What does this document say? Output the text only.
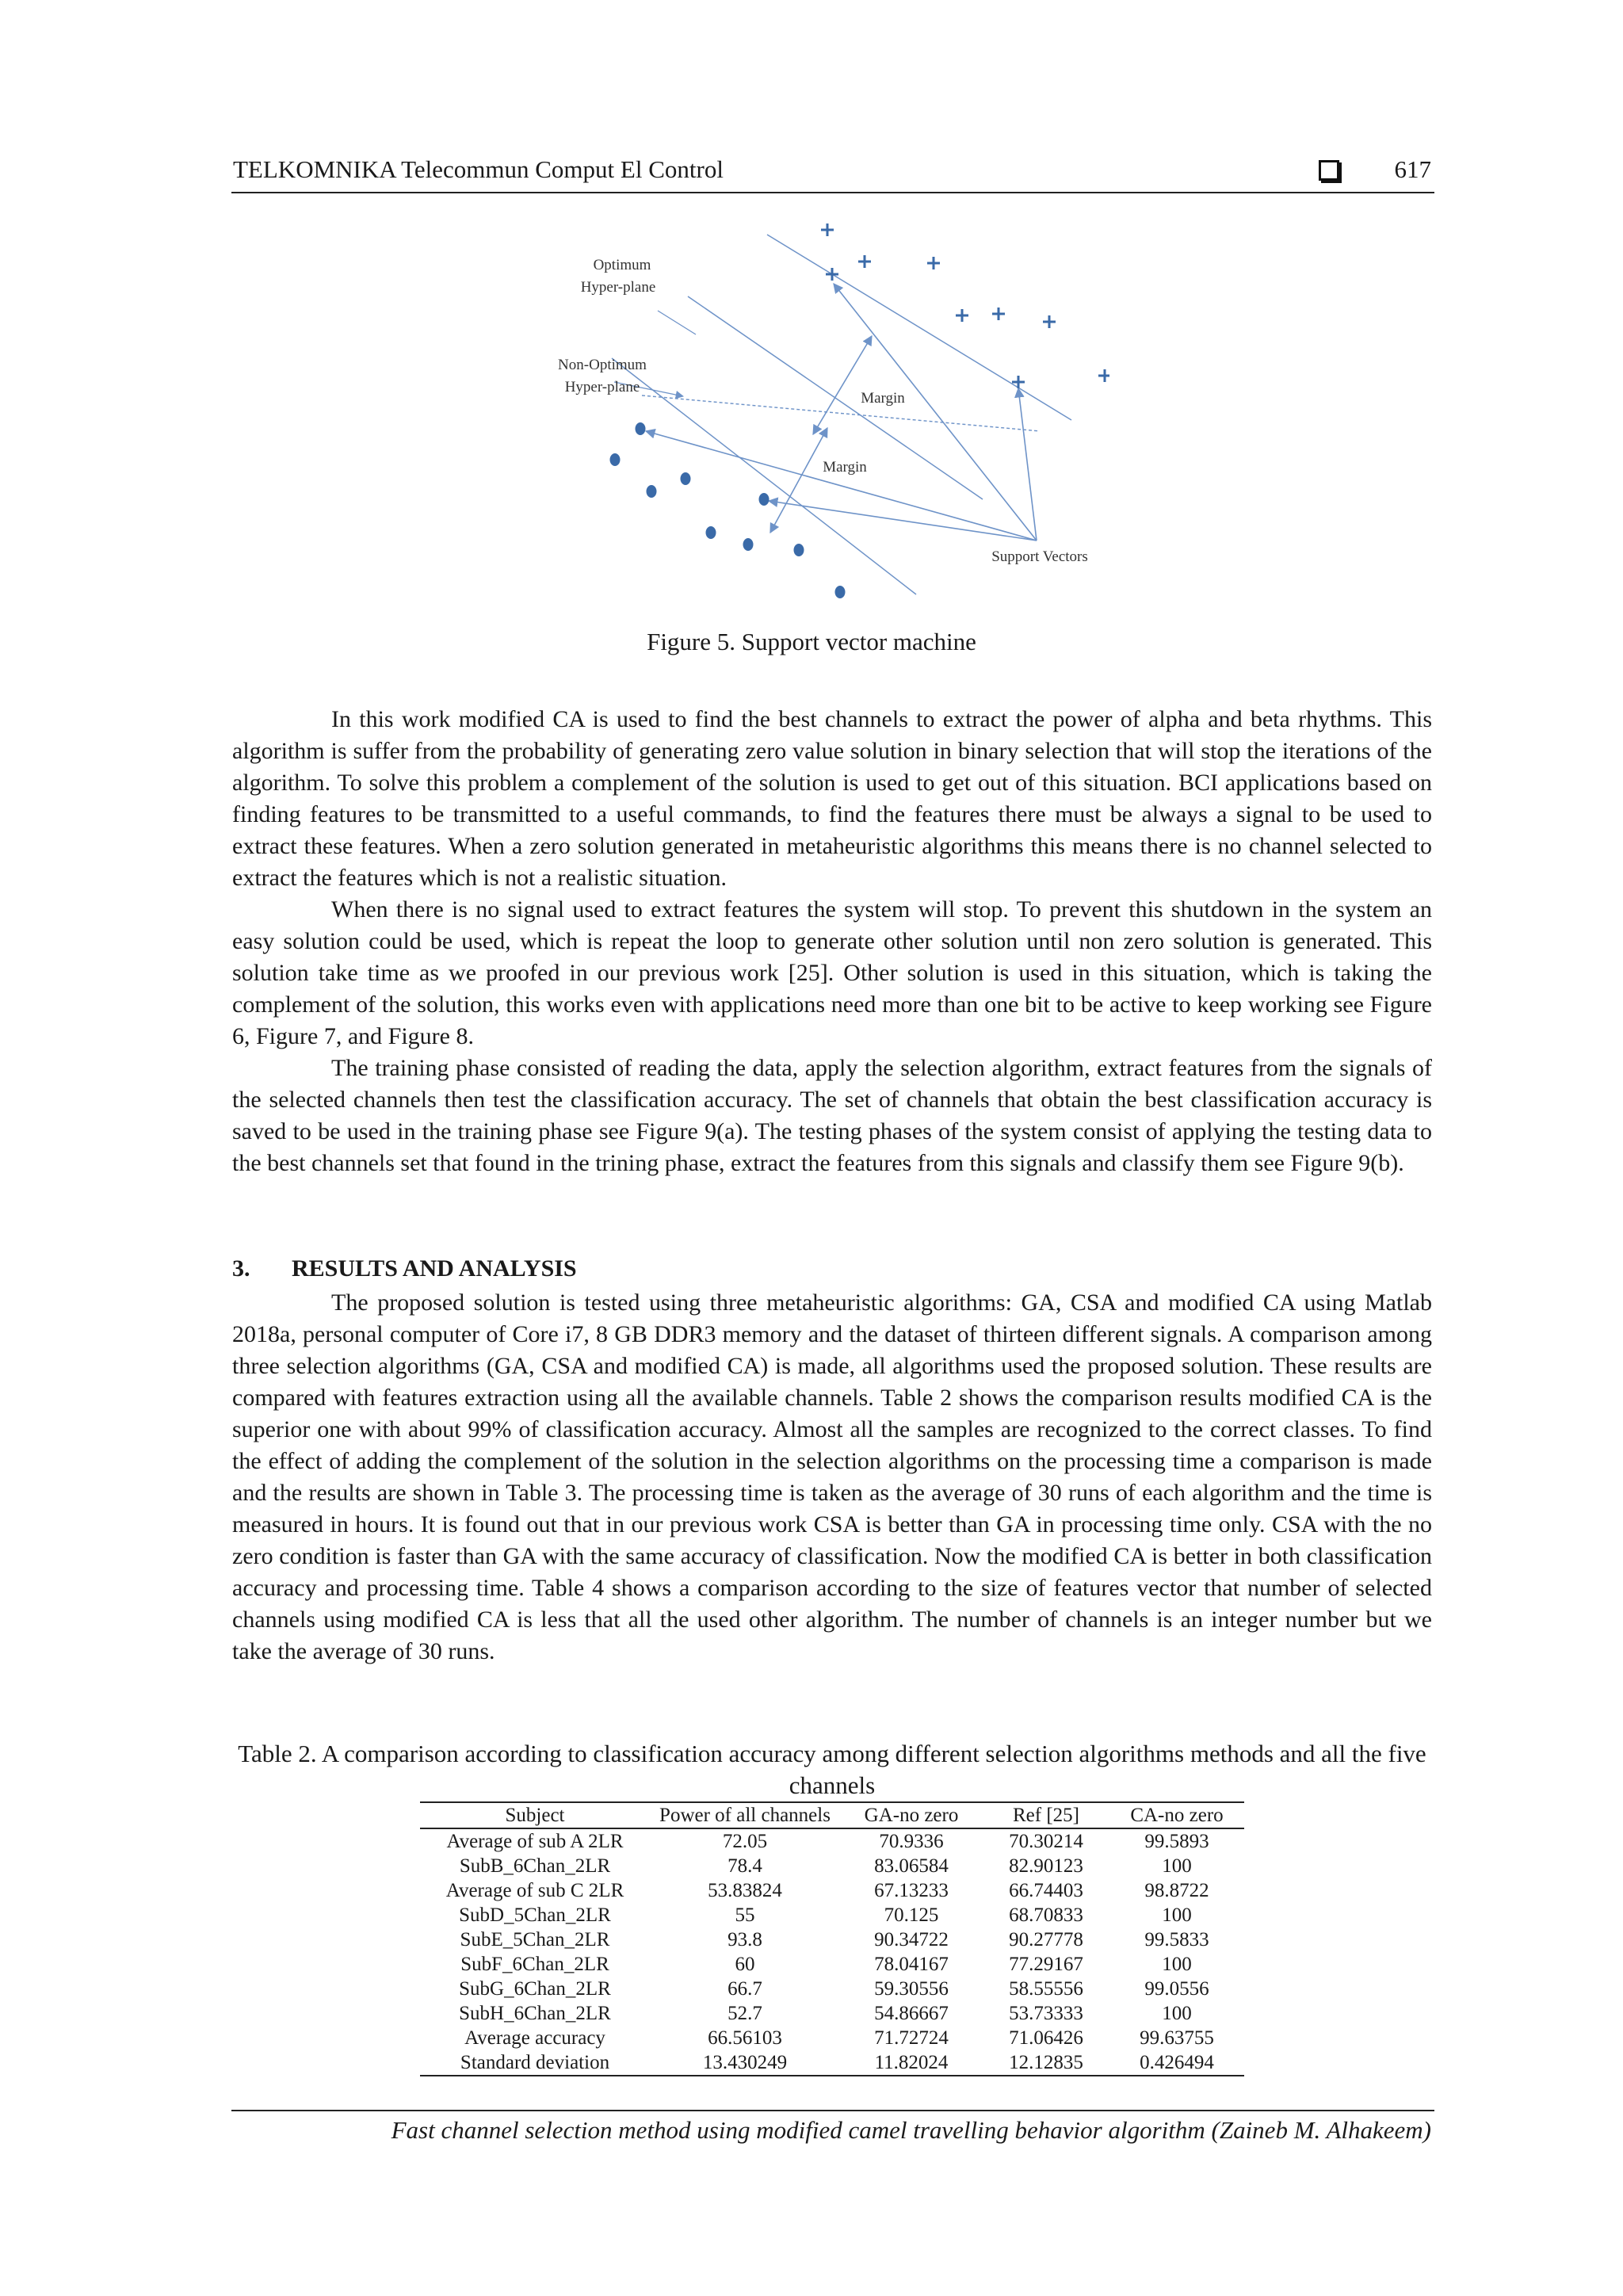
TELKOMNIKA Telecommun Comput El Control	617
Optimum
Hyper-plane
Non-Optimum
Hyper-plane
Margin
Margin
Support Vectors
Figure 5. Support vector machine

In this work modified CA is used to find the best channels to extract the power of alpha and beta rhythms. This algorithm is suffer from the probability of generating zero value solution in binary selection that will stop the iterations of the algorithm. To solve this problem a complement of the solution is used to get out of this situation. BCI applications based on finding features to be transmitted to a useful commands, to find the features there must be always a signal to be used to extract these features. When a zero solution generated in metaheuristic algorithms this means there is no channel selected to extract the features which is not a realistic situation.

When there is no signal used to extract features the system will stop. To prevent this shutdown in the system an easy solution could be used, which is repeat the loop to generate other solution until non zero solution is generated. This solution take time as we proofed in our previous work [25]. Other solution is used in this situation, which is taking the complement of the solution, this works even with applications need more than one bit to be active to keep working see Figure 6, Figure 7, and Figure 8.

The training phase consisted of reading the data, apply the selection algorithm, extract features from the signals of the selected channels then test the classification accuracy. The set of channels that obtain the best classification accuracy is saved to be used in the training phase see Figure 9(a). The testing phases of the system consist of applying the testing data to the best channels set that found in the trining phase, extract the features from this signals and classify them see Figure 9(b).

3. RESULTS AND ANALYSIS

The proposed solution is tested using three metaheuristic algorithms: GA, CSA and modified CA using Matlab 2018a, personal computer of Core i7, 8 GB DDR3 memory and the dataset of thirteen different signals. A comparison among three selection algorithms (GA, CSA and modified CA) is made, all algorithms used the proposed solution. These results are compared with features extraction using all the available channels. Table 2 shows the comparison results modified CA is the superior one with about 99% of classification accuracy. Almost all the samples are recognized to the correct classes. To find the effect of adding the complement of the solution in the selection algorithms on the processing time a comparison is made and the results are shown in Table 3. The processing time is taken as the average of 30 runs of each algorithm and the time is measured in hours. It is found out that in our previous work CSA is better than GA in processing time only. CSA with the no zero condition is faster than GA with the same accuracy of classification. Now the modified CA is better in both classification accuracy and processing time. Table 4 shows a comparison according to the size of features vector that number of selected channels using modified CA is less that all the used other algorithm. The number of channels is an integer number but we take the average of 30 runs.

Table 2. A comparison according to classification accuracy among different selection algorithms methods and all the five channels
Subject	Power of all channels	GA-no zero	Ref [25]	CA-no zero
Average of sub A 2LR	72.05	70.9336	70.30214	99.5893
SubB_6Chan_2LR	78.4	83.06584	82.90123	100
Average of sub C 2LR	53.83824	67.13233	66.74403	98.8722
SubD_5Chan_2LR	55	70.125	68.70833	100
SubE_5Chan_2LR	93.8	90.34722	90.27778	99.5833
SubF_6Chan_2LR	60	78.04167	77.29167	100
SubG_6Chan_2LR	66.7	59.30556	58.55556	99.0556
SubH_6Chan_2LR	52.7	54.86667	53.73333	100
Average accuracy	66.56103	71.72724	71.06426	99.63755
Standard deviation	13.430249	11.82024	12.12835	0.426494
Fast channel selection method using modified camel travelling behavior algorithm (Zaineb M. Alhakeem)
